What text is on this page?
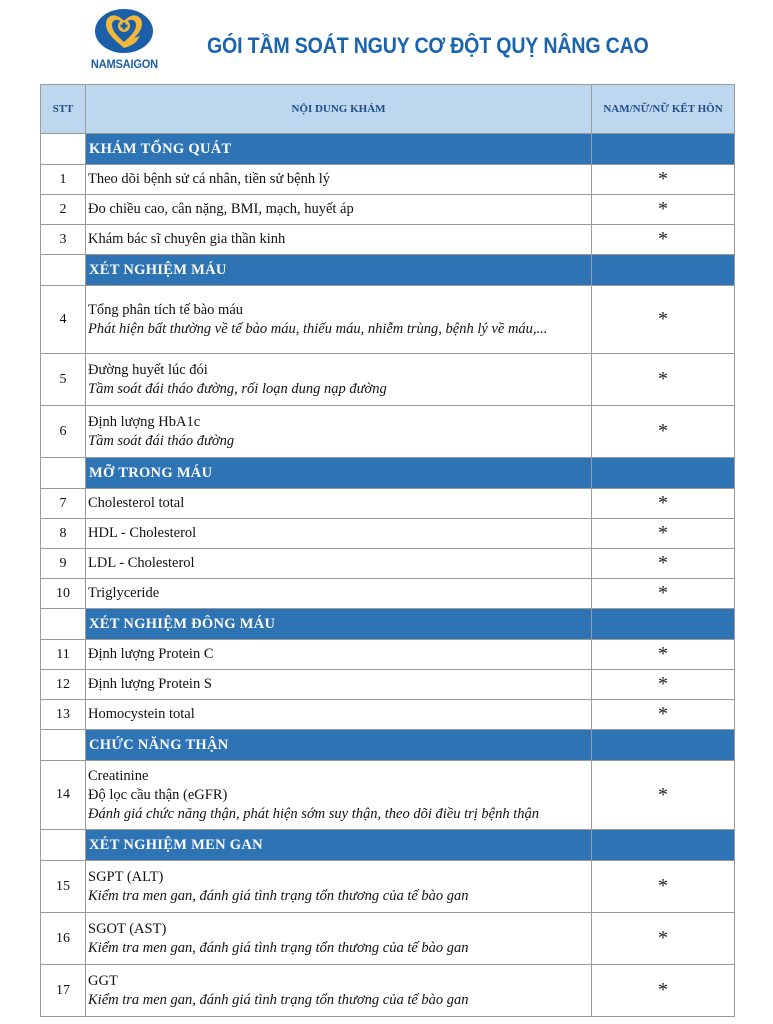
NAMSAIGON
GÓI TẦM SOÁT NGUY CƠ ĐỘT QUỴ NÂNG CAO
STT	NỘI DUNG KHÁM	NAM/NỮ/NỮ KẾT HÔN
	KHÁM TỔNG QUÁT	
1	Theo dõi bệnh sử cá nhân, tiền sử bệnh lý	*
2	Đo chiều cao, cân nặng, BMI, mạch, huyết áp	*
3	Khám bác sĩ chuyên gia thần kinh	*
	XÉT NGHIỆM MÁU	
4	Tổng phân tích tế bào máu
Phát hiện bất thường về tế bào máu, thiếu máu, nhiễm trùng, bệnh lý về máu,...	*
5	Đường huyết lúc đói
Tầm soát đái tháo đường, rối loạn dung nạp đường	*
6	Định lượng HbA1c
Tầm soát đái tháo đường	*
	MỠ TRONG MÁU	
7	Cholesterol total	*
8	HDL - Cholesterol	*
9	LDL - Cholesterol	*
10	Triglyceride	*
	XÉT NGHIỆM ĐÔNG MÁU	
11	Định lượng Protein C	*
12	Định lượng Protein S	*
13	Homocystein total	*
	CHỨC NĂNG THẬN	
14	Creatinine
Độ lọc cầu thận (eGFR)
Đánh giá chức năng thận, phát hiện sớm suy thận, theo dõi điều trị bệnh thận	*
	XÉT NGHIỆM MEN GAN	
15	SGPT (ALT)
Kiểm tra men gan, đánh giá tình trạng tổn thương của tế bào gan	*
16	SGOT (AST)
Kiểm tra men gan, đánh giá tình trạng tổn thương của tế bào gan	*
17	GGT
Kiểm tra men gan, đánh giá tình trạng tổn thương của tế bào gan	*
